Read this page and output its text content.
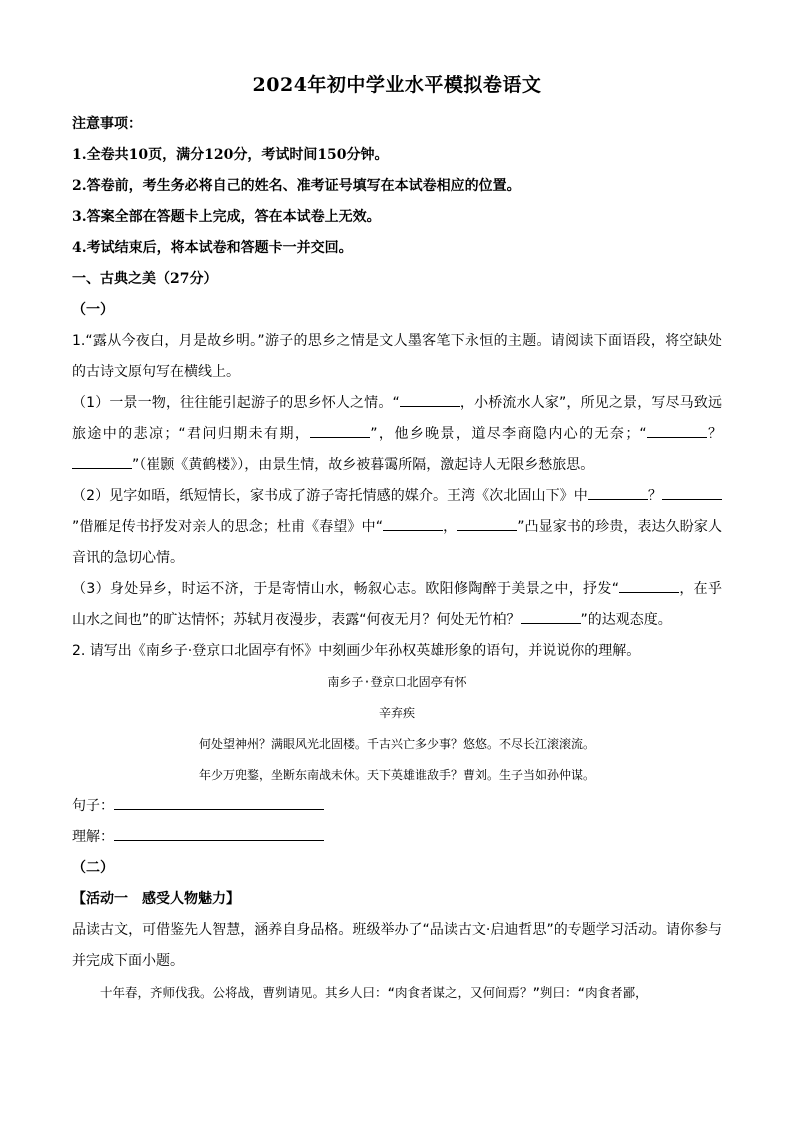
2024年初中学业水平模拟卷语文

注意事项：

1.全卷共10页，满分120分，考试时间150分钟。

2.答卷前，考生务必将自己的姓名、准考证号填写在本试卷相应的位置。

3.答案全部在答题卡上完成，答在本试卷上无效。

4.考试结束后，将本试卷和答题卡一并交回。

一、古典之美（27分）

（一）

1.“露从今夜白，月是故乡明。”游子的思乡之情是文人墨客笔下永恒的主题。请阅读下面语段，将空缺处的古诗文原句写在横线上。

（1）一景一物，往往能引起游子的思乡怀人之情。“	，小桥流水人家”，所见之景，写尽马致远旅途中的悲凉；“君问归期未有期，	”，他乡晚景，道尽李商隐内心的无奈；“	？”（崔颢《黄鹤楼》），由景生情，故乡被暮霭所隔，激起诗人无限乡愁旅思。

（2）见字如晤，纸短情长，家书成了游子寄托情感的媒介。王湾《次北固山下》中	？”借雁足传书抒发对亲人的思念；杜甫《春望》中“	，	”凸显家书的珍贵，表达久盼家人音讯的急切心情。

（3）身处异乡，时运不济，于是寄情山水，畅叙心志。欧阳修陶醉于美景之中，抒发“	，在乎山水之间也”的旷达情怀；苏轼月夜漫步，表露“何夜无月？何处无竹柏？	”的达观态度。

2. 请写出《南乡子·登京口北固亭有怀》中刻画少年孙权英雄形象的语句，并说说你的理解。

南乡子·登京口北固亭有怀

辛弃疾

何处望神州？满眼风光北固楼。千古兴亡多少事？悠悠。不尽长江滚滚流。

年少万兜鍪，坐断东南战未休。天下英雄谁敌手？曹刘。生子当如孙仲谋。

句子：

理解：

（二）

【活动一　感受人物魅力】

品读古文，可借鉴先人智慧，涵养自身品格。班级举办了“品读古文·启迪哲思”的专题学习活动。请你参与并完成下面小题。

十年春，齐师伐我。公将战，曹刿请见。其乡人曰：“肉食者谋之，又何间焉？”刿曰：“肉食者鄙，
